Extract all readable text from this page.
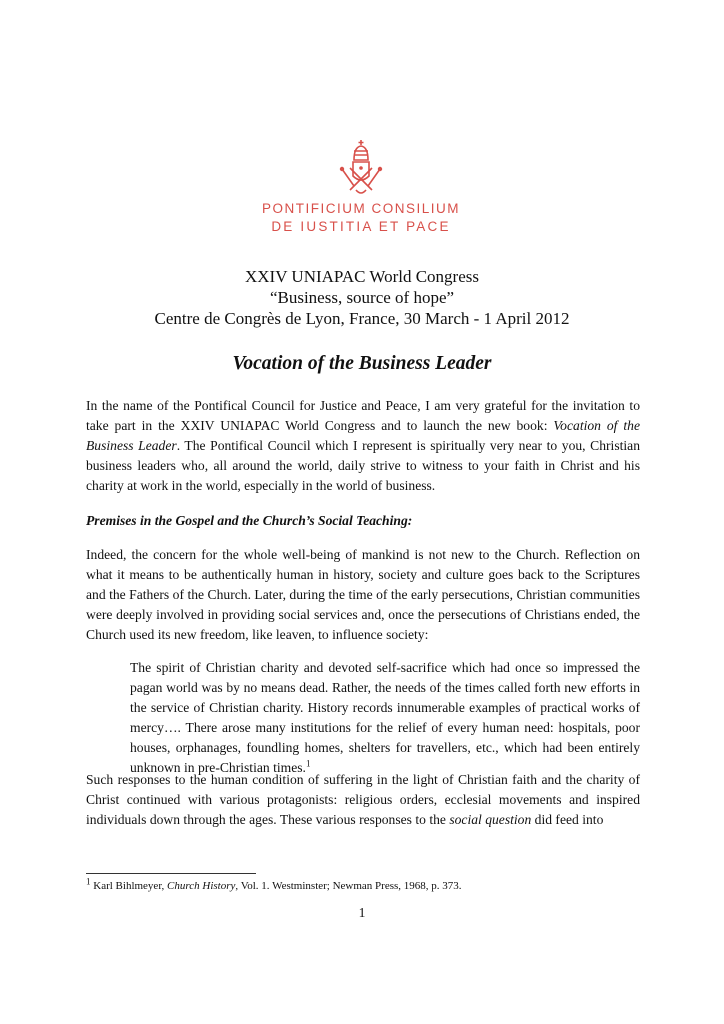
PONTIFICIUM CONSILIUM
DE IUSTITIA ET PACE
XXIV UNIAPAC World Congress
“Business, source of hope”
Centre de Congrès de Lyon, France, 30 March - 1 April 2012
Vocation of the Business Leader
In the name of the Pontifical Council for Justice and Peace, I am very grateful for the invitation to take part in the XXIV UNIAPAC World Congress and to launch the new book: Vocation of the Business Leader. The Pontifical Council which I represent is spiritually very near to you, Christian business leaders who, all around the world, daily strive to witness to your faith in Christ and his charity at work in the world, especially in the world of business.
Premises in the Gospel and the Church’s Social Teaching:
Indeed, the concern for the whole well-being of mankind is not new to the Church. Reflection on what it means to be authentically human in history, society and culture goes back to the Scriptures and the Fathers of the Church. Later, during the time of the early persecutions, Christian communities were deeply involved in providing social services and, once the persecutions of Christians ended, the Church used its new freedom, like leaven, to influence society:
The spirit of Christian charity and devoted self-sacrifice which had once so impressed the pagan world was by no means dead. Rather, the needs of the times called forth new efforts in the service of Christian charity. History records innumerable examples of practical works of mercy…. There arose many institutions for the relief of every human need: hospitals, poor houses, orphanages, foundling homes, shelters for travellers, etc., which had been entirely unknown in pre-Christian times.$^1$
Such responses to the human condition of suffering in the light of Christian faith and the charity of Christ continued with various protagonists: religious orders, ecclesial movements and inspired individuals down through the ages. These various responses to the social question did feed into
$^1$ Karl Bihlmeyer, Church History, Vol. 1. Westminster; Newman Press, 1968, p. 373.
1
